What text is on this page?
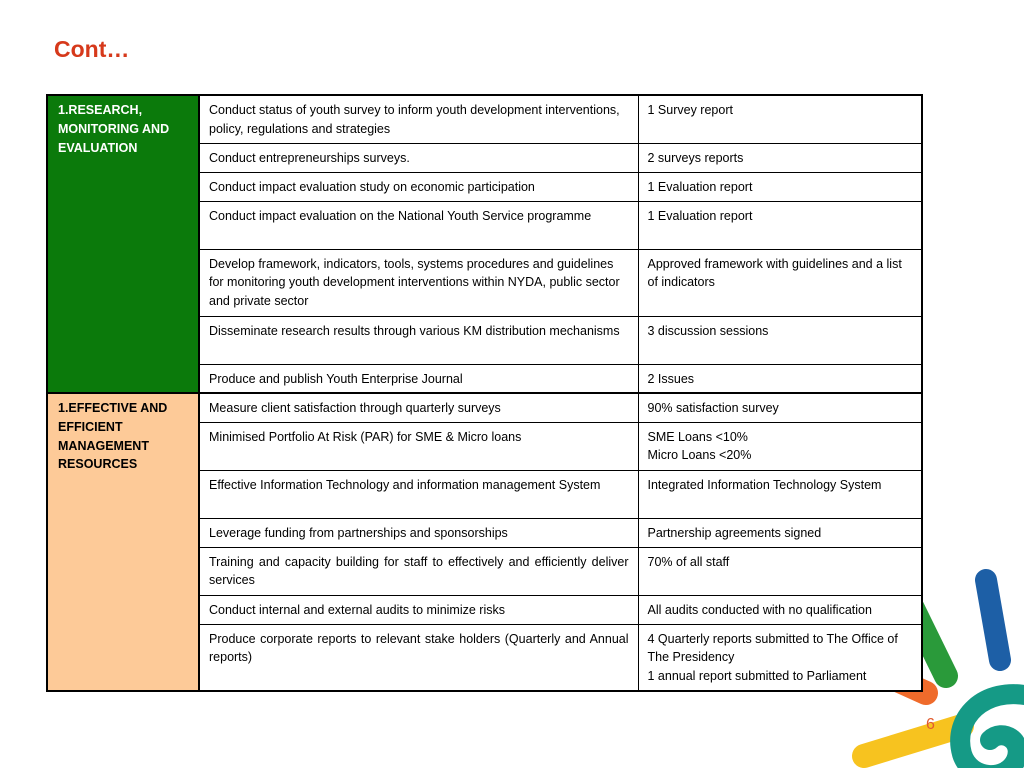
Cont…
1.RESEARCH, MONITORING AND EVALUATION	Conduct status of youth survey to inform youth development interventions, policy, regulations and strategies	1 Survey report
	Conduct entrepreneurships surveys.	2 surveys reports
	Conduct impact evaluation study on economic participation	1 Evaluation report
	Conduct impact evaluation on the National Youth Service programme	1 Evaluation report
	Develop framework, indicators, tools, systems procedures and guidelines for monitoring youth development interventions within NYDA, public sector and private sector	Approved framework with guidelines and a list of indicators
	Disseminate research results through various KM distribution mechanisms	3 discussion sessions
	Produce and publish Youth Enterprise Journal	2 Issues
1.EFFECTIVE AND EFFICIENT MANAGEMENT RESOURCES	Measure client satisfaction through quarterly surveys	90% satisfaction survey
	Minimised Portfolio At Risk (PAR) for SME & Micro loans	SME Loans <10%
Micro Loans <20%

	Effective Information Technology and information management System	Integrated Information Technology System
	Leverage funding from partnerships and sponsorships	Partnership agreements signed
	Training and capacity building for staff to effectively and efficiently deliver services	70% of all staff
	Conduct internal and external audits to minimize risks	All audits conducted with no qualification
	Produce corporate reports to relevant stake holders (Quarterly and Annual reports)	4 Quarterly reports submitted to The Office of The Presidency
1 annual report submitted to Parliament
6
